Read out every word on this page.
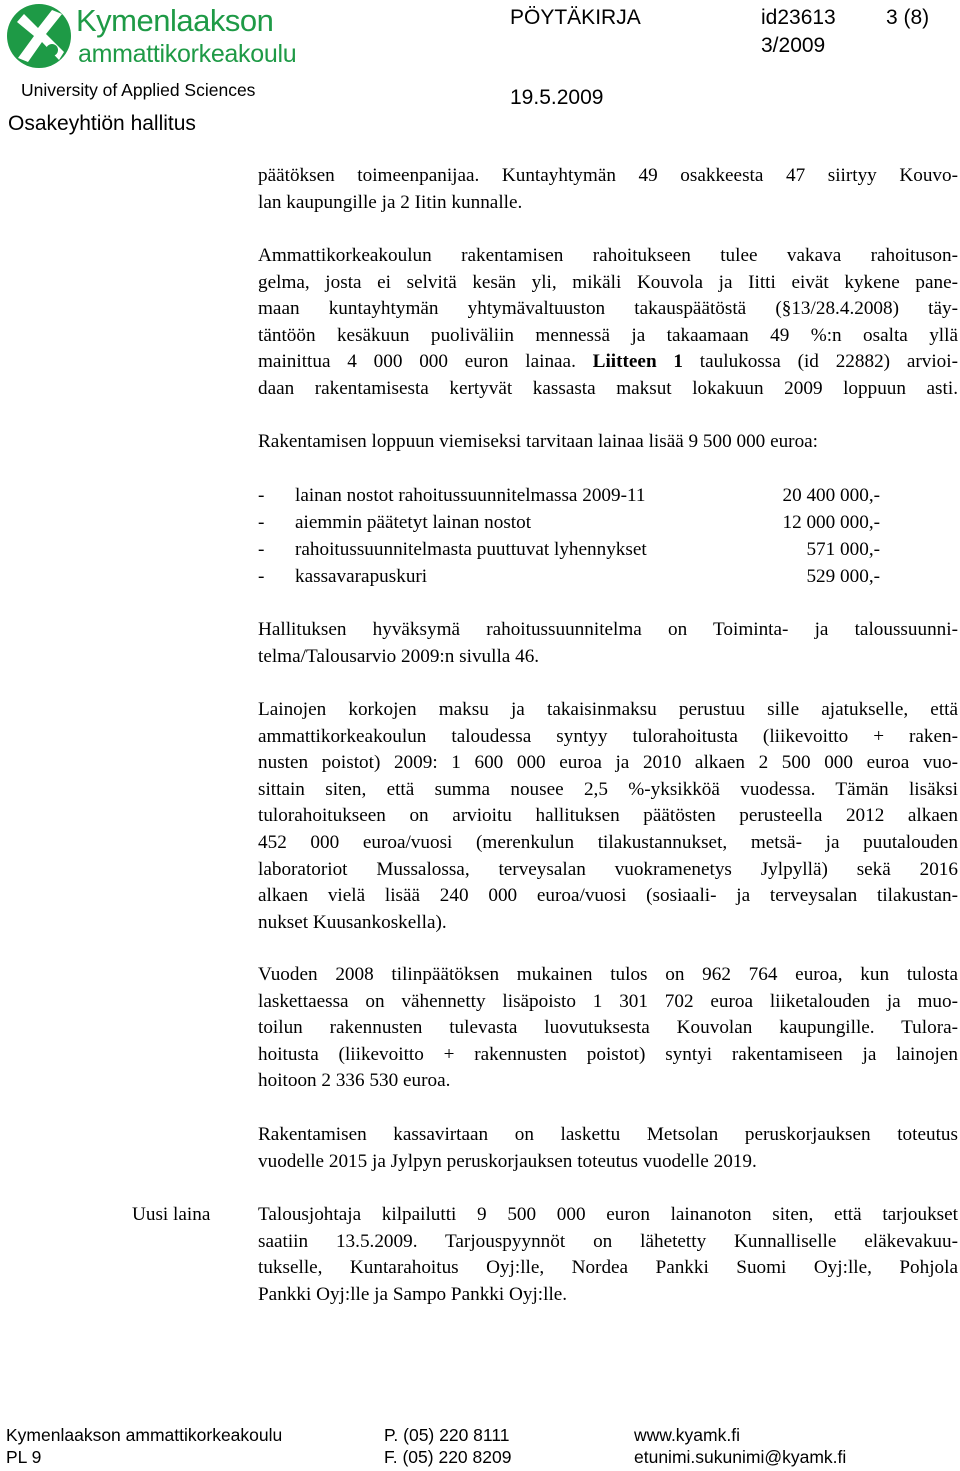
Kymenlaakson
ammattikorkeakoulu
University of Applied Sciences
Osakeyhtiön hallitus
PÖYTÄKIRJA	id23613 3 (8)
3/2009
19.5.2009
päätöksen toimeenpanijaa. Kuntayhtymän 49 osakkeesta 47 siirtyy Kouvo-
lan kaupungille ja 2 Iitin kunnalle.
Ammattikorkeakoulun rakentamisen rahoitukseen tulee vakava rahoituson-
gelma, josta ei selvitä kesän yli, mikäli Kouvola ja Iitti eivät kykene pane-
maan kuntayhtymän yhtymävaltuuston takauspäätöstä (§13/28.4.2008) täy-
täntöön kesäkuun puoliväliin mennessä ja takaamaan 49 %:n osalta yllä
mainittua 4 000 000 euron lainaa. Liitteen 1 taulukossa (id 22882) arvioi-
daan rakentamisesta kertyvät kassasta maksut lokakuun 2009 loppuun asti.
Rakentamisen loppuun viemiseksi tarvitaan lainaa lisää 9 500 000 euroa:
- lainan nostot rahoitussuunnitelmassa 2009-11	20 400 000,-
- aiemmin päätetyt lainan nostot	12 000 000,-
- rahoitussuunnitelmasta puuttuvat lyhennykset	571 000,-
- kassavarapuskuri	529 000,-
Hallituksen hyväksymä rahoitussuunnitelma on Toiminta- ja taloussuunni-
telma/Talousarvio 2009:n sivulla 46.
Lainojen korkojen maksu ja takaisinmaksu perustuu sille ajatukselle, että
ammattikorkeakoulun taloudessa syntyy tulorahoitusta (liikevoitto + raken-
nusten poistot) 2009: 1 600 000 euroa ja 2010 alkaen 2 500 000 euroa vuo-
sittain siten, että summa nousee 2,5 %-yksikköä vuodessa. Tämän lisäksi
tulorahoitukseen on arvioitu hallituksen päätösten perusteella 2012 alkaen
452 000 euroa/vuosi (merenkulun tilakustannukset, metsä- ja puutalouden
laboratoriot Mussalossa, terveysalan vuokramenetys Jylpyllä) sekä 2016
alkaen vielä lisää 240 000 euroa/vuosi (sosiaali- ja terveysalan tilakustan-
nukset Kuusankoskella).
Vuoden 2008 tilinpäätöksen mukainen tulos on 962 764 euroa, kun tulosta
laskettaessa on vähennetty lisäpoisto 1 301 702 euroa liiketalouden ja muo-
toilun rakennusten tulevasta luovutuksesta Kouvolan kaupungille. Tulora-
hoitusta (liikevoitto + rakennusten poistot) syntyi rakentamiseen ja lainojen
hoitoon 2 336 530 euroa.
Rakentamisen kassavirtaan on laskettu Metsolan peruskorjauksen toteutus
vuodelle 2015 ja Jylpyn peruskorjauksen toteutus vuodelle 2019.
Uusi laina Talousjohtaja kilpailutti 9 500 000 euron lainanoton siten, että tarjoukset
saatiin 13.5.2009. Tarjouspyynnöt on lähetetty Kunnalliselle eläkevakuu-
tukselle, Kuntarahoitus Oyj:lle, Nordea Pankki Suomi Oyj:lle, Pohjola
Pankki Oyj:lle ja Sampo Pankki Oyj:lle.
Kymenlaakson ammattikorkeakoulu
PL 9
P. (05) 220 8111
F. (05) 220 8209
www.kyamk.fi
etunimi.sukunimi@kyamk.fi
